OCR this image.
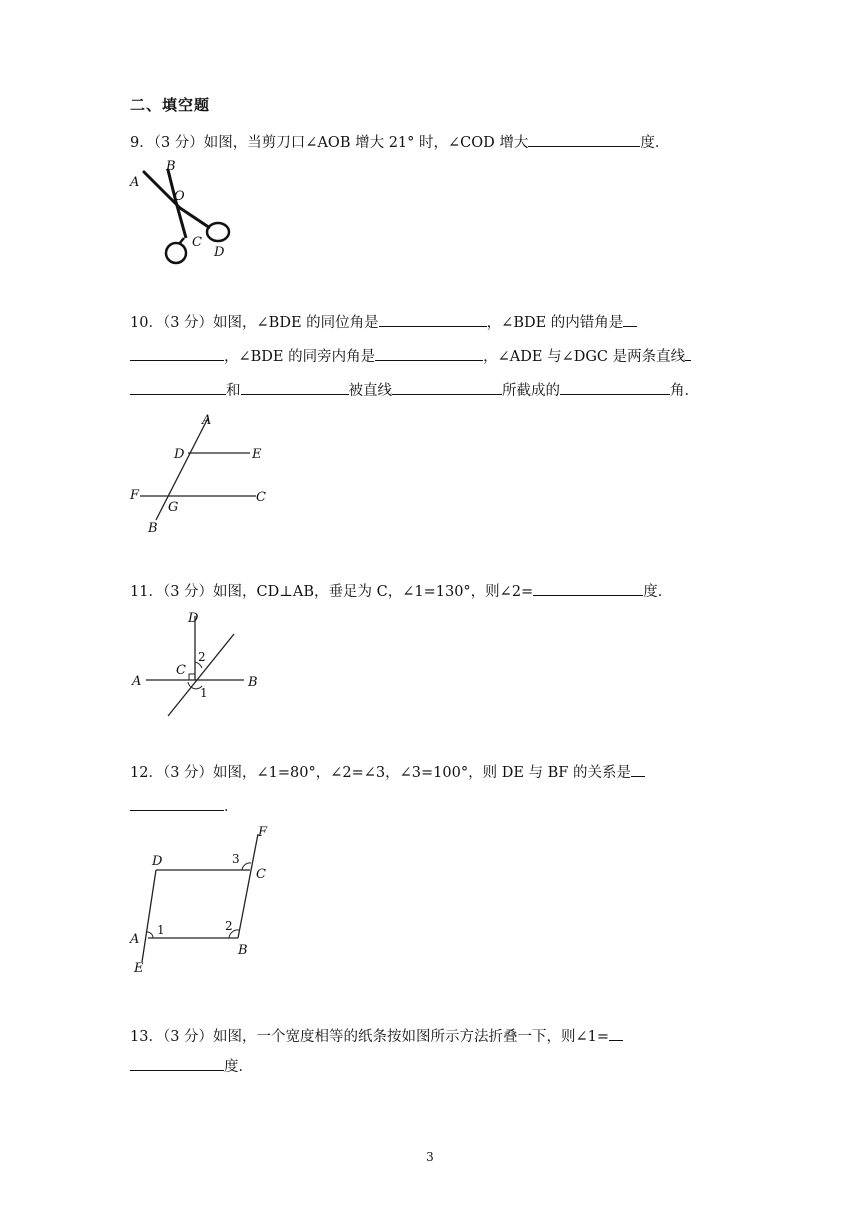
二、填空题
9．（3 分）如图，当剪刀口∠AOB 增大 21° 时，∠COD 增大	度．
A
B
O
C
D
10．（3 分）如图，∠BDE 的同位角是	，∠BDE 的内错角是
，∠BDE 的同旁内角是	，∠ADE 与∠DGC 是两条直线
和	被直线	所截成的	角．
A
D	E
F
G
C
B
11．（3 分）如图，CD⊥AB，垂足为 C，∠1=130°，则∠2=	度．
D
C
A	B
2
1
12．（3 分）如图，∠1=80°，∠2=∠3，∠3=100°，则 DE 与 BF 的关系是
．
F
D
C
A
B
E
1	2
3
13．（3 分）如图，一个宽度相等的纸条按如图所示方法折叠一下，则∠1=
度．
3
